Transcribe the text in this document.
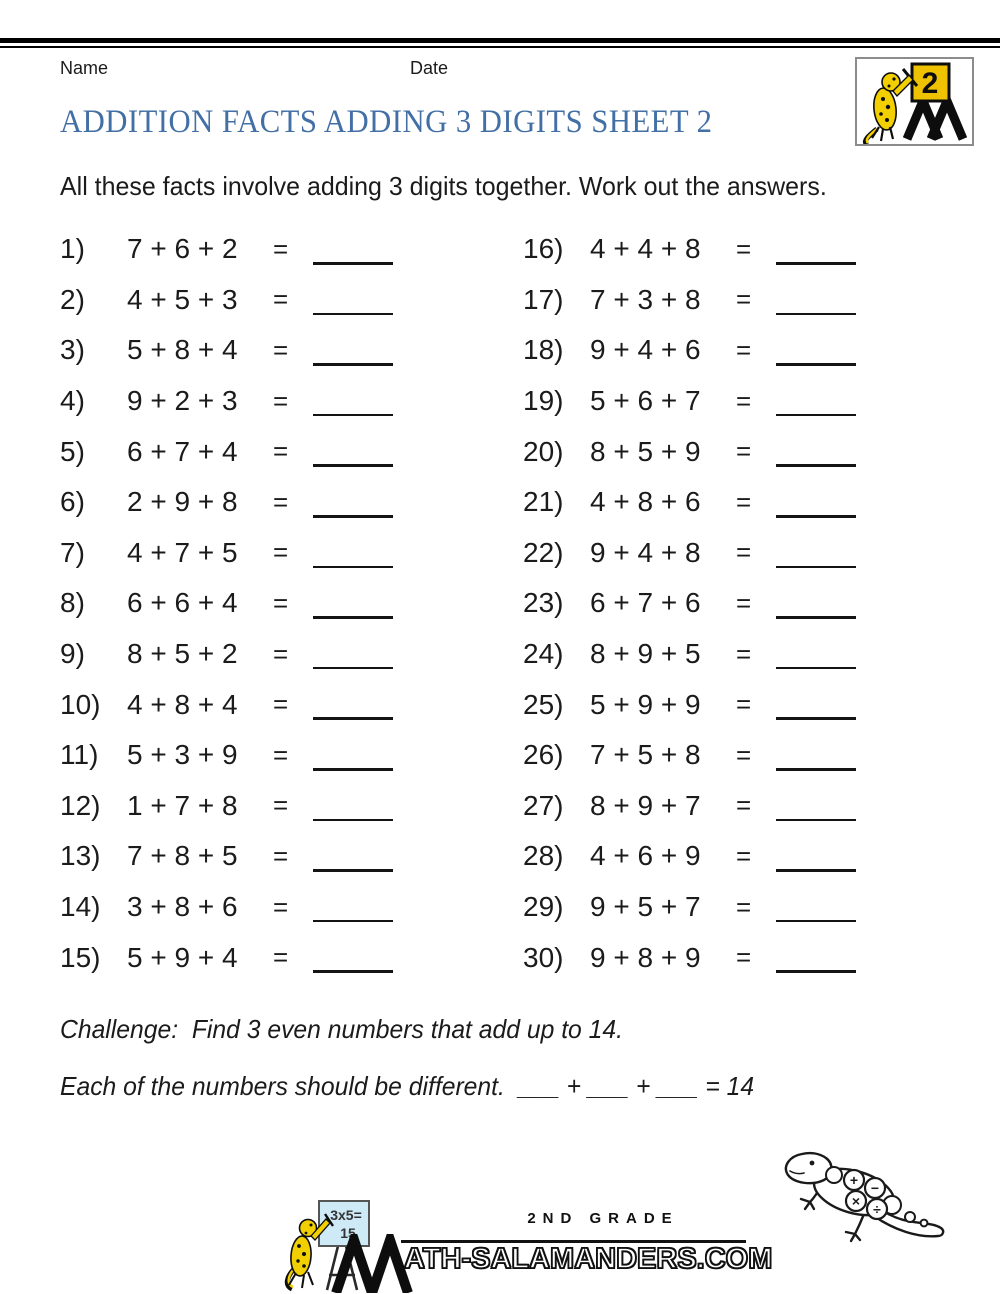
Name	Date	2
ADDITION FACTS ADDING 3 DIGITS SHEET 2
All these facts involve adding 3 digits together. Work out the answers.
1)	7 + 6 + 2	=
2)	4 + 5 + 3	=
3)	5 + 8 + 4	=
4)	9 + 2 + 3	=
5)	6 + 7 + 4	=
6)	2 + 9 + 8	=
7)	4 + 7 + 5	=
8)	6 + 6 + 4	=
9)	8 + 5 + 2	=
10) 4 + 8 + 4	=
11)	5 + 3 + 9	=
12) 1 + 7 + 8	=
13) 7 + 8 + 5	=
14) 3 + 8 + 6	=
15) 5 + 9 + 4	=
16) 4 + 4 + 8	=
17) 7 + 3 + 8	=
18) 9 + 4 + 6	=
19) 5 + 6 + 7	=
20) 8 + 5 + 9	=
21) 4 + 8 + 6	=
22) 9 + 4 + 8	=
23) 6 + 7 + 6	=
24) 8 + 9 + 5	=
25) 5 + 9 + 9	=
26) 7 + 5 + 8	=
27) 8 + 9 + 7	=
28) 4 + 6 + 9	=
29) 9 + 5 + 7	=
30) 9 + 8 + 9	=
Challenge:  Find 3 even numbers that add up to 14.
Each of the numbers should be different.  ___ + ___ + ___ = 14
3x5=
15
2ND GRADE
ATH-SALAMANDERS.COM
+ −
× ÷
